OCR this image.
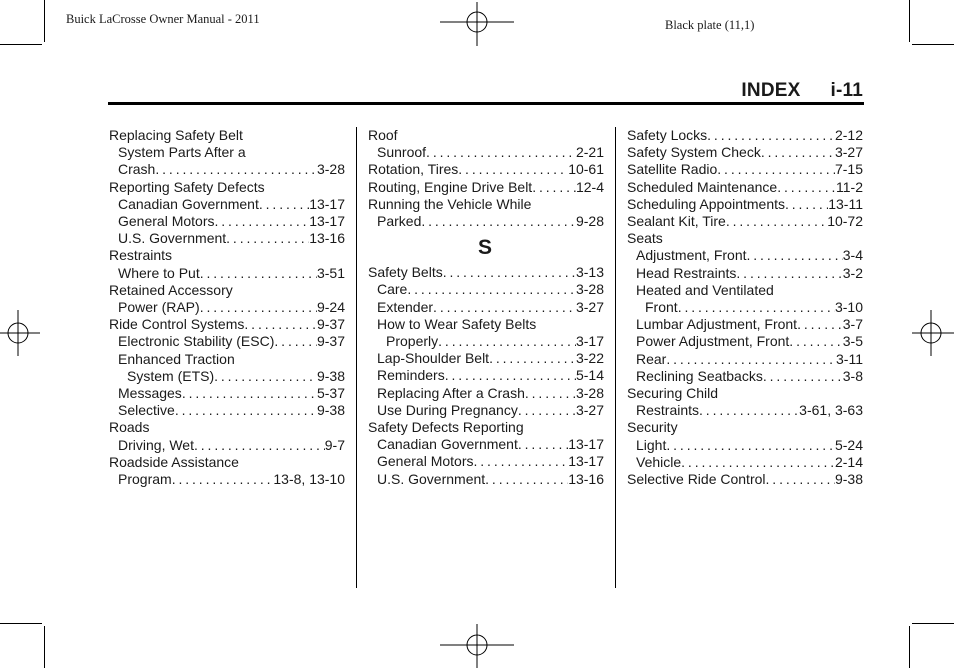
Buick LaCrosse Owner Manual - 2011	Black plate (11,1)
INDEX i-11
Replacing Safety Belt
System Parts After a
Crash . . .	3-28
Reporting Safety Defects
Canadian Government . . .	13-17
General Motors . . .	13-17
U.S. Government . . .	13-16
Restraints
Where to Put . . .	3-51
Retained Accessory
Power (RAP) . . .	9-24
Ride Control Systems . . .	9-37
Electronic Stability (ESC) . . .	9-37
Enhanced Traction
System (ETS) . . .	9-38
Messages . . .	5-37
Selective . . .	9-38
Roads
Driving, Wet . . .	9-7
Roadside Assistance
Program . . .	13-8, 13-10
Roof
Sunroof . . .	2-21
Rotation, Tires . . .	10-61
Routing, Engine Drive Belt . . .	12-4
Running the Vehicle While
Parked . . .	9-28
S
Safety Belts . . .	3-13
Care . . .	3-28
Extender . . .	3-27
How to Wear Safety Belts
Properly . . .	3-17
Lap-Shoulder Belt . . .	3-22
Reminders . . .	5-14
Replacing After a Crash . . .	3-28
Use During Pregnancy . . .	3-27
Safety Defects Reporting
Canadian Government . . .	13-17
General Motors . . .	13-17
U.S. Government . . .	13-16
Safety Locks . . .	2-12
Safety System Check . . .	3-27
Satellite Radio . . .	7-15
Scheduled Maintenance . . .	11-2
Scheduling Appointments . . .	13-11
Sealant Kit, Tire . . .	10-72
Seats
Adjustment, Front . . .	3-4
Head Restraints . . .	3-2
Heated and Ventilated
Front . . .	3-10
Lumbar Adjustment, Front . . .	3-7
Power Adjustment, Front . . .	3-5
Rear . . .	3-11
Reclining Seatbacks . . .	3-8
Securing Child
Restraints . . .	3-61, 3-63
Security
Light . . .	5-24
Vehicle . . .	2-14
Selective Ride Control . . .	9-38
